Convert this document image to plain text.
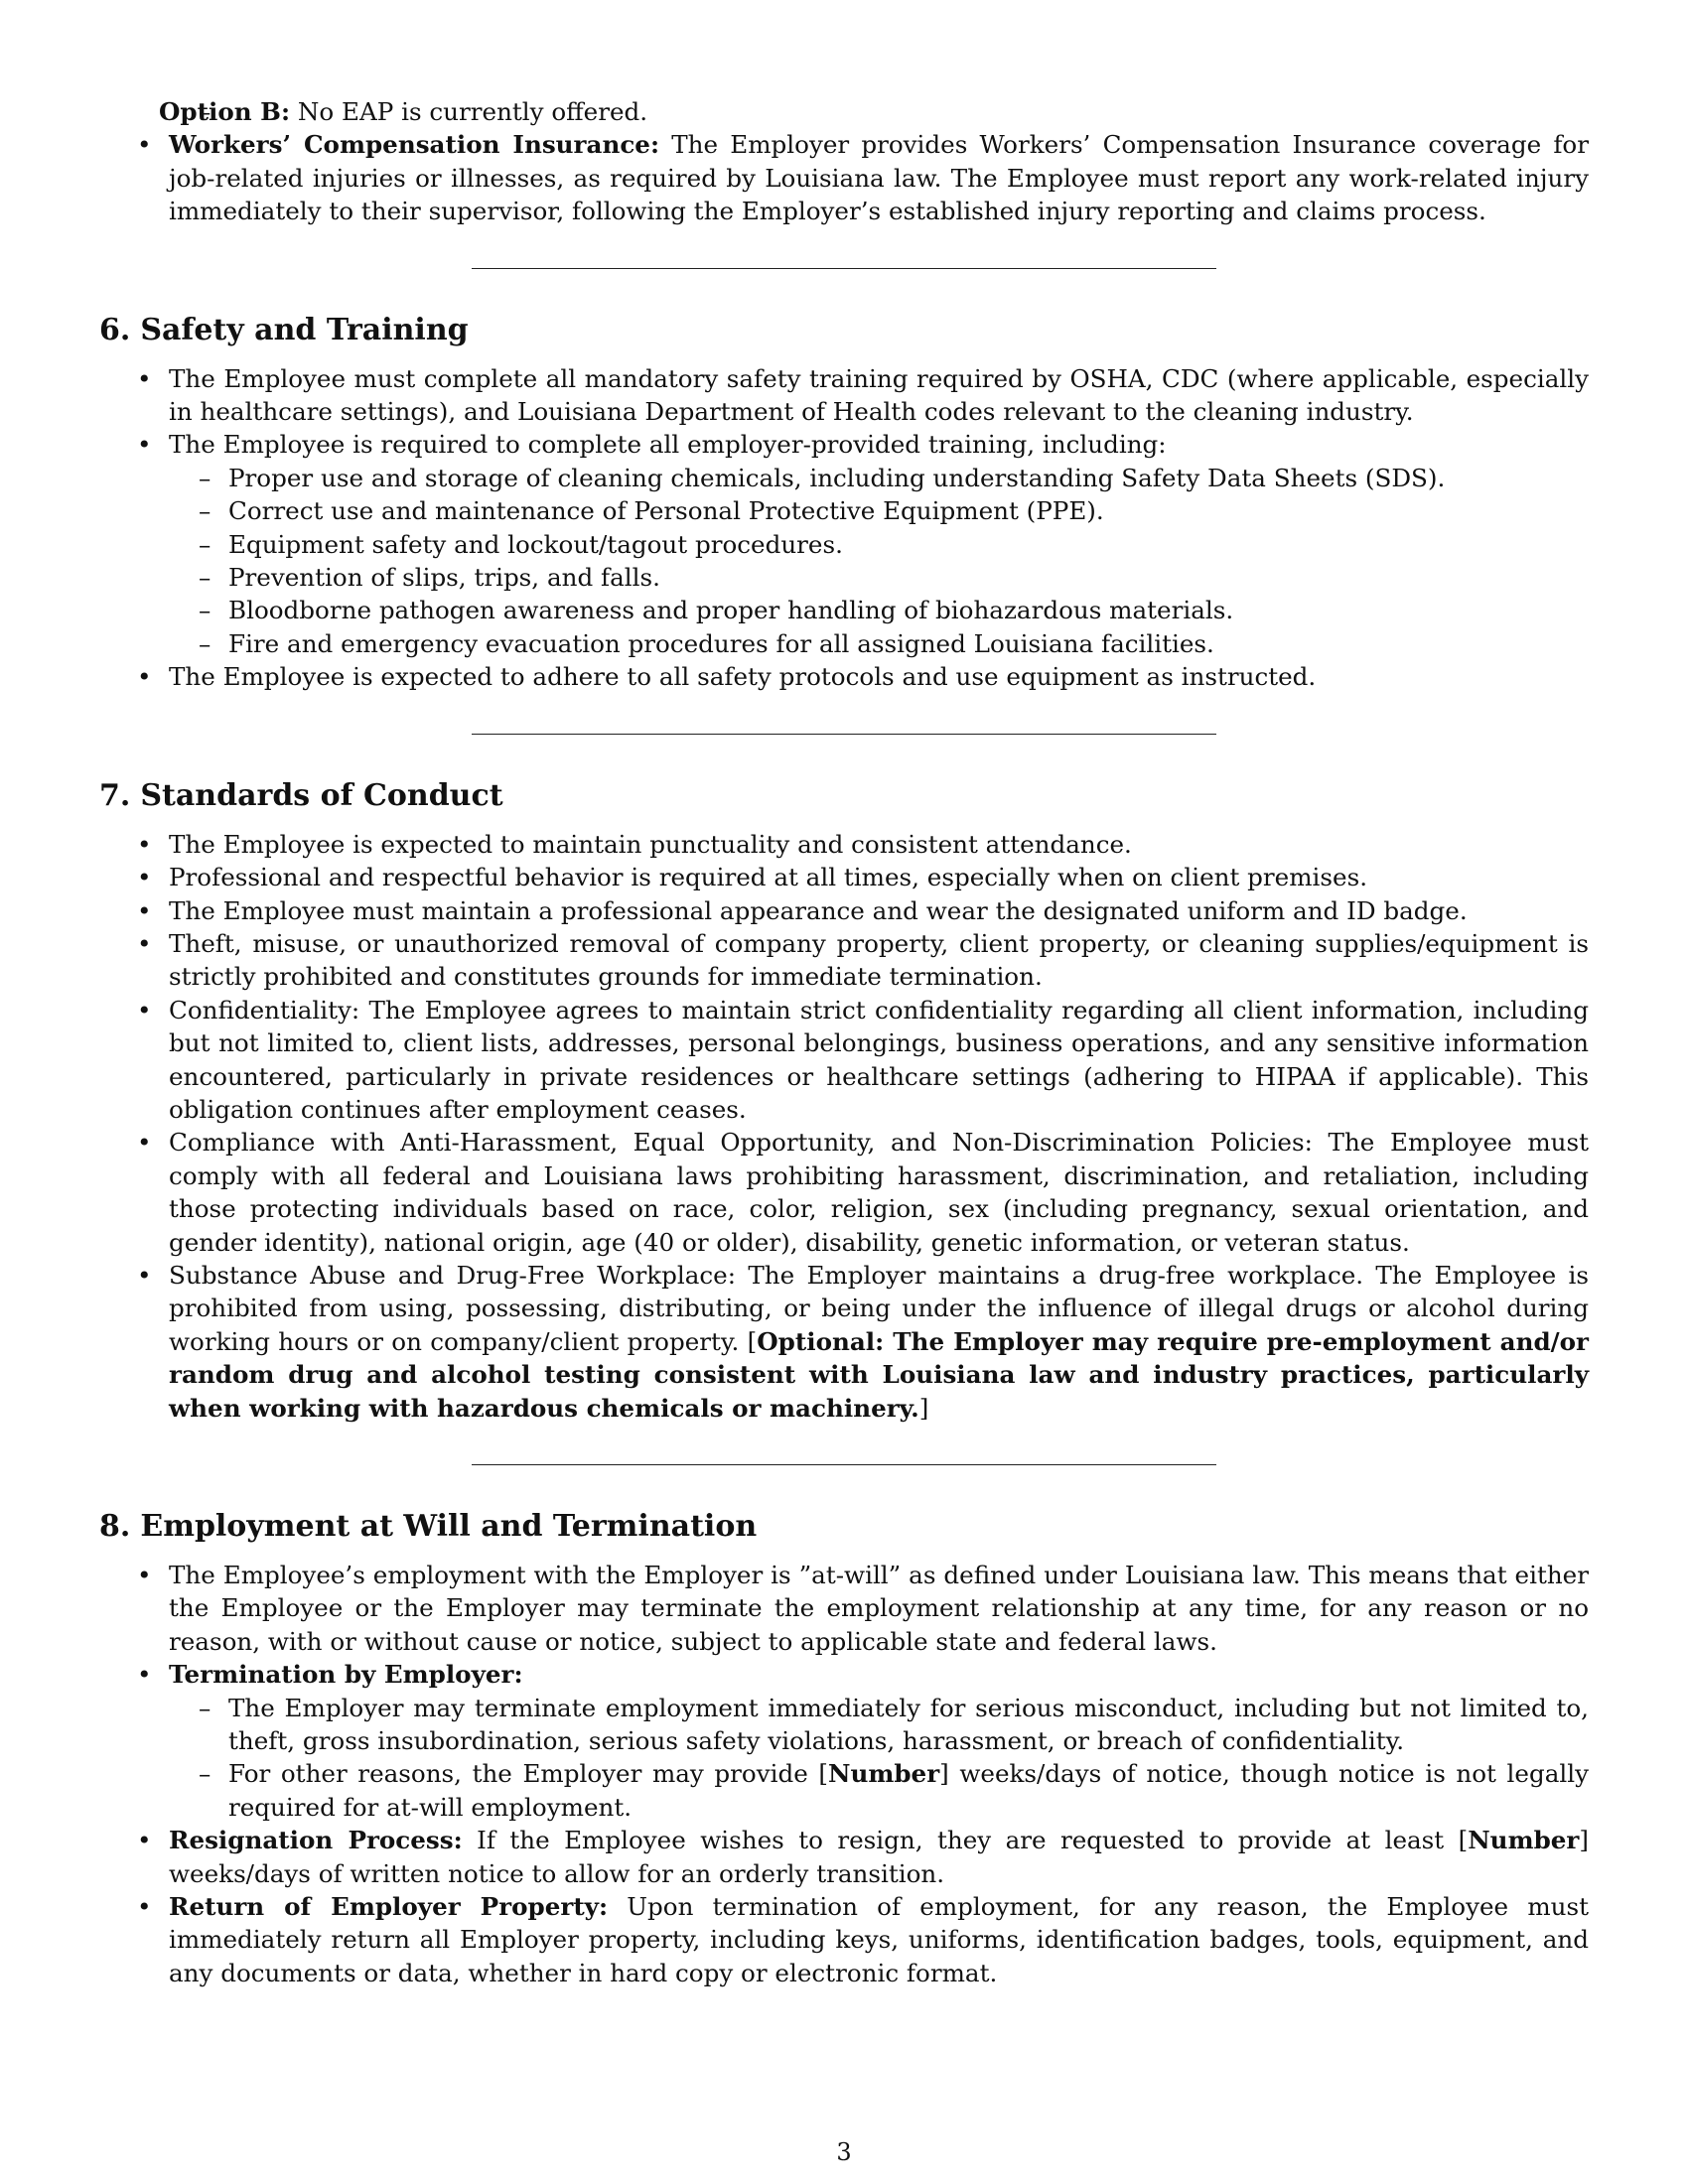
– Option B: No EAP is currently offered.
• Workers’ Compensation Insurance: The Employer provides Workers’ Compensation Insurance coverage for job-related injuries or illnesses, as required by Louisiana law. The Employee must report any work-related injury immediately to their supervisor, following the Employer’s established injury reporting and claims process.
6. Safety and Training
• The Employee must complete all mandatory safety training required by OSHA, CDC (where applicable, especially in healthcare settings), and Louisiana Department of Health codes relevant to the cleaning industry.
• The Employee is required to complete all employer-provided training, including:
– Proper use and storage of cleaning chemicals, including understanding Safety Data Sheets (SDS).
– Correct use and maintenance of Personal Protective Equipment (PPE).
– Equipment safety and lockout/tagout procedures.
– Prevention of slips, trips, and falls.
– Bloodborne pathogen awareness and proper handling of biohazardous materials.
– Fire and emergency evacuation procedures for all assigned Louisiana facilities.
• The Employee is expected to adhere to all safety protocols and use equipment as instructed.
7. Standards of Conduct
• The Employee is expected to maintain punctuality and consistent attendance.
• Professional and respectful behavior is required at all times, especially when on client premises.
• The Employee must maintain a professional appearance and wear the designated uniform and ID badge.
• Theft, misuse, or unauthorized removal of company property, client property, or cleaning supplies/equipment is strictly prohibited and constitutes grounds for immediate termination.
• Confidentiality: The Employee agrees to maintain strict confidentiality regarding all client information, including but not limited to, client lists, addresses, personal belongings, business operations, and any sensitive information encountered, particularly in private residences or healthcare settings (adhering to HIPAA if applicable). This obligation continues after employment ceases.
• Compliance with Anti-Harassment, Equal Opportunity, and Non-Discrimination Policies: The Employee must comply with all federal and Louisiana laws prohibiting harassment, discrimination, and retaliation, including those protecting individuals based on race, color, religion, sex (including pregnancy, sexual orientation, and gender identity), national origin, age (40 or older), disability, genetic information, or veteran status.
• Substance Abuse and Drug-Free Workplace: The Employer maintains a drug-free workplace. The Employee is prohibited from using, possessing, distributing, or being under the influence of illegal drugs or alcohol during working hours or on company/client property. [Optional: The Employer may require pre-employment and/or random drug and alcohol testing consistent with Louisiana law and industry practices, particularly when working with hazardous chemicals or machinery.]
8. Employment at Will and Termination
• The Employee’s employment with the Employer is ”at-will” as defined under Louisiana law. This means that either the Employee or the Employer may terminate the employment relationship at any time, for any reason or no reason, with or without cause or notice, subject to applicable state and federal laws.
• Termination by Employer:
– The Employer may terminate employment immediately for serious misconduct, including but not limited to, theft, gross insubordination, serious safety violations, harassment, or breach of confidentiality.
– For other reasons, the Employer may provide [Number] weeks/days of notice, though notice is not legally required for at-will employment.
• Resignation Process: If the Employee wishes to resign, they are requested to provide at least [Number] weeks/days of written notice to allow for an orderly transition.
• Return of Employer Property: Upon termination of employment, for any reason, the Employee must immediately return all Employer property, including keys, uniforms, identification badges, tools, equipment, and any documents or data, whether in hard copy or electronic format.
3
